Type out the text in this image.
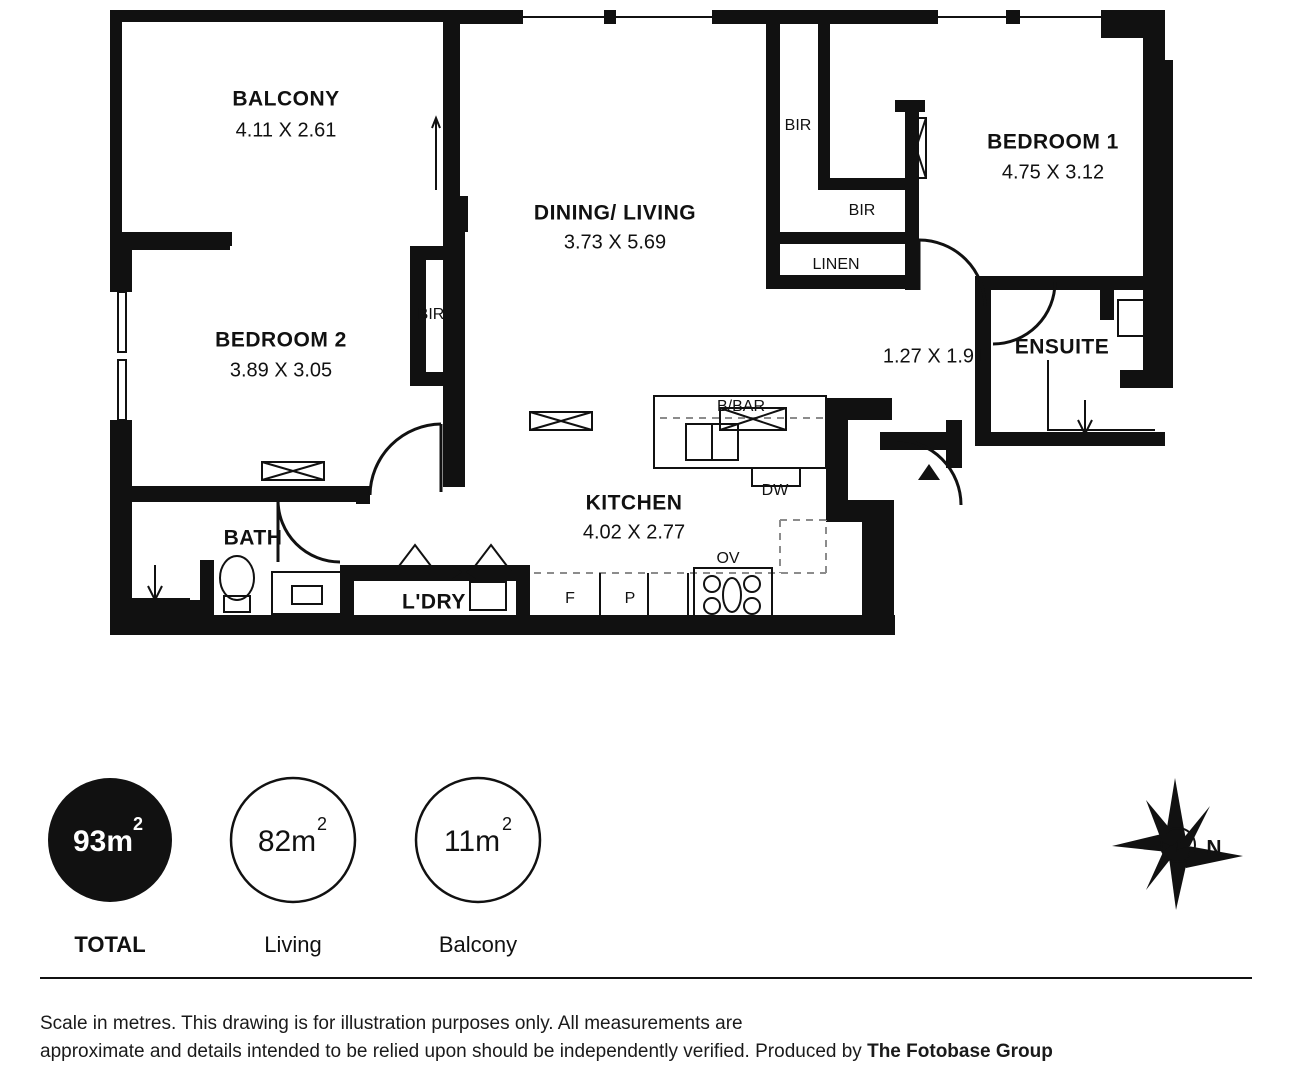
BALCONY
4.11 X 2.61
DINING/ LIVING
3.73 X 5.69
BEDROOM 1
4.75 X 3.12
BEDROOM 2
3.89 X 3.05
KITCHEN
4.02 X 2.77
ENSUITE
BATH
1.27 X 1.91
BIR
BIR
LINEN
BIR
B/BAR
DW
OV
F	P
L'DRY
93m
2
TOTAL
82m
2
Living
11m
2
Balcony
N
Scale in metres. This drawing is for illustration purposes only. All measurements are
approximate and details intended to be relied upon should be independently verified. Produced by The Fotobase Group
